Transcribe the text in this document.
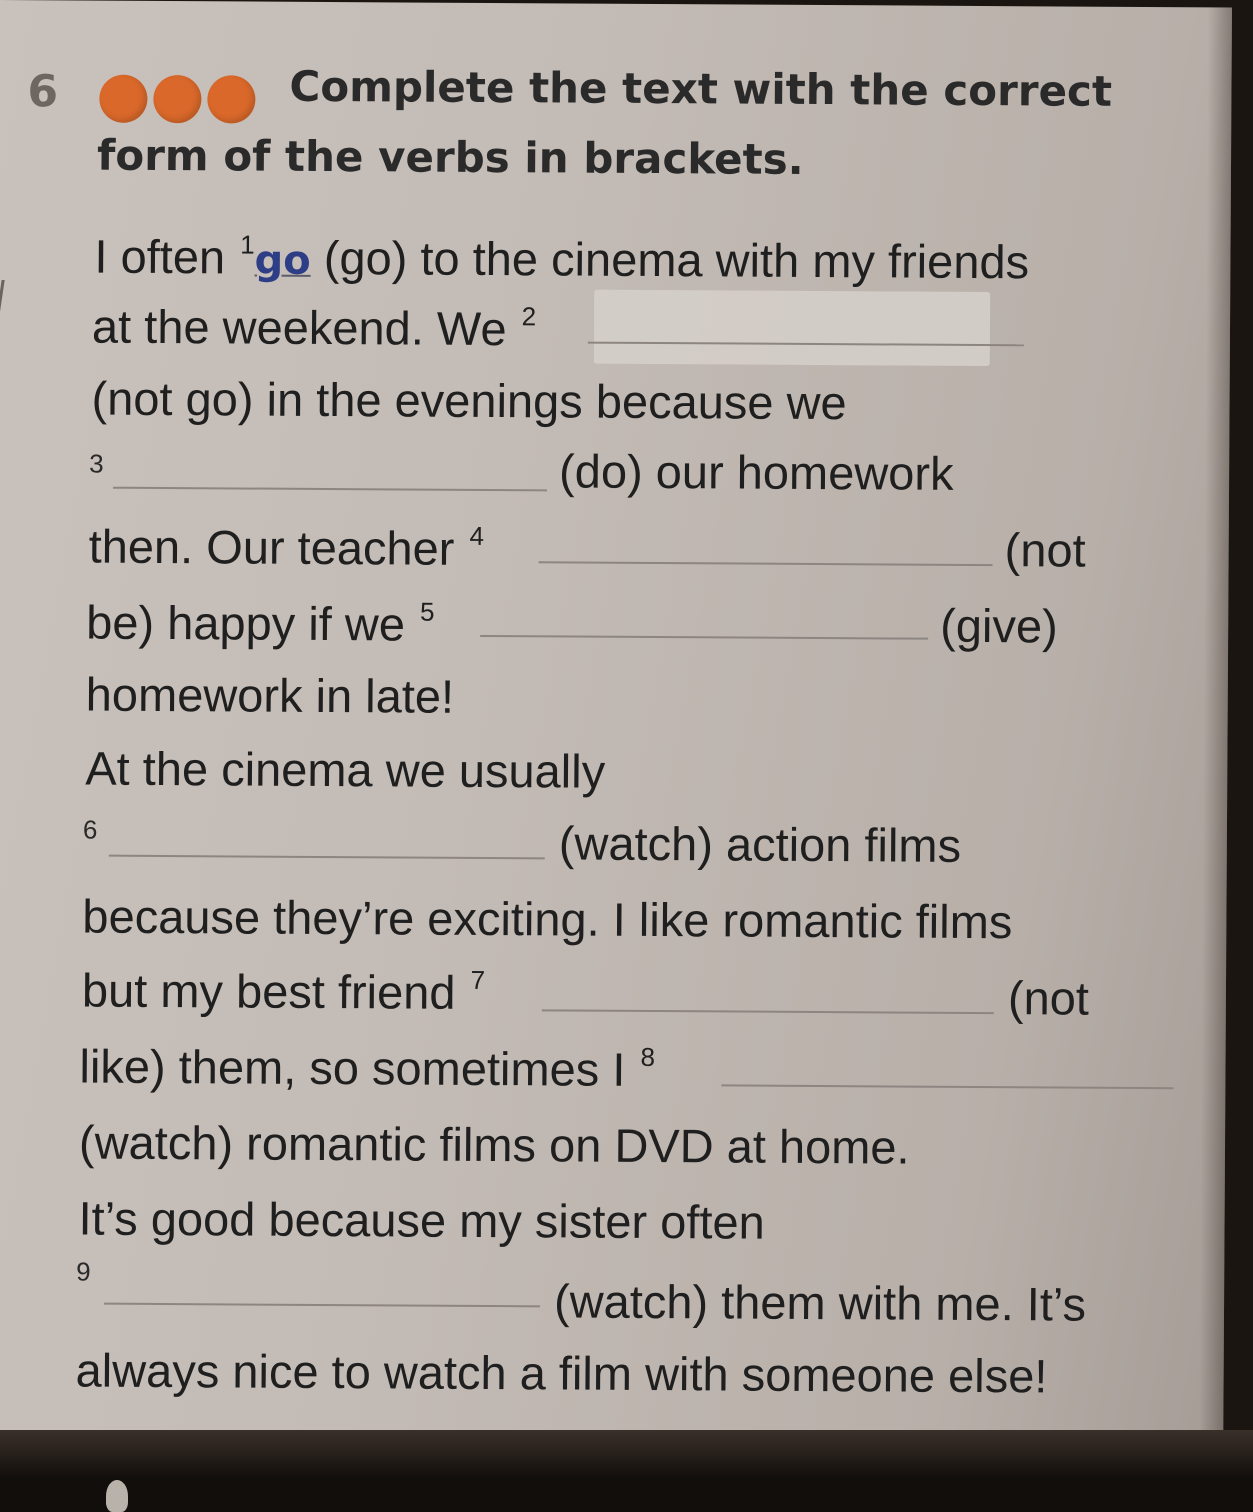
6	Complete the text with the correct
form of the verbs in brackets.
I often $^1$go (go) to the cinema with my friends
at the weekend. We $^2$
(not go) in the evenings because we
3	(do) our homework
then. Our teacher $^4$	(not
be) happy if we $^5$	(give)
homework in late!
At the cinema we usually
6	(watch) action films
because they’re exciting. I like romantic films
but my best friend $^7$	(not
like) them, so sometimes I $^8$
(watch) romantic films on DVD at home.
It’s good because my sister often
9
(watch) them with me. It’s
always nice to watch a film with someone else!
